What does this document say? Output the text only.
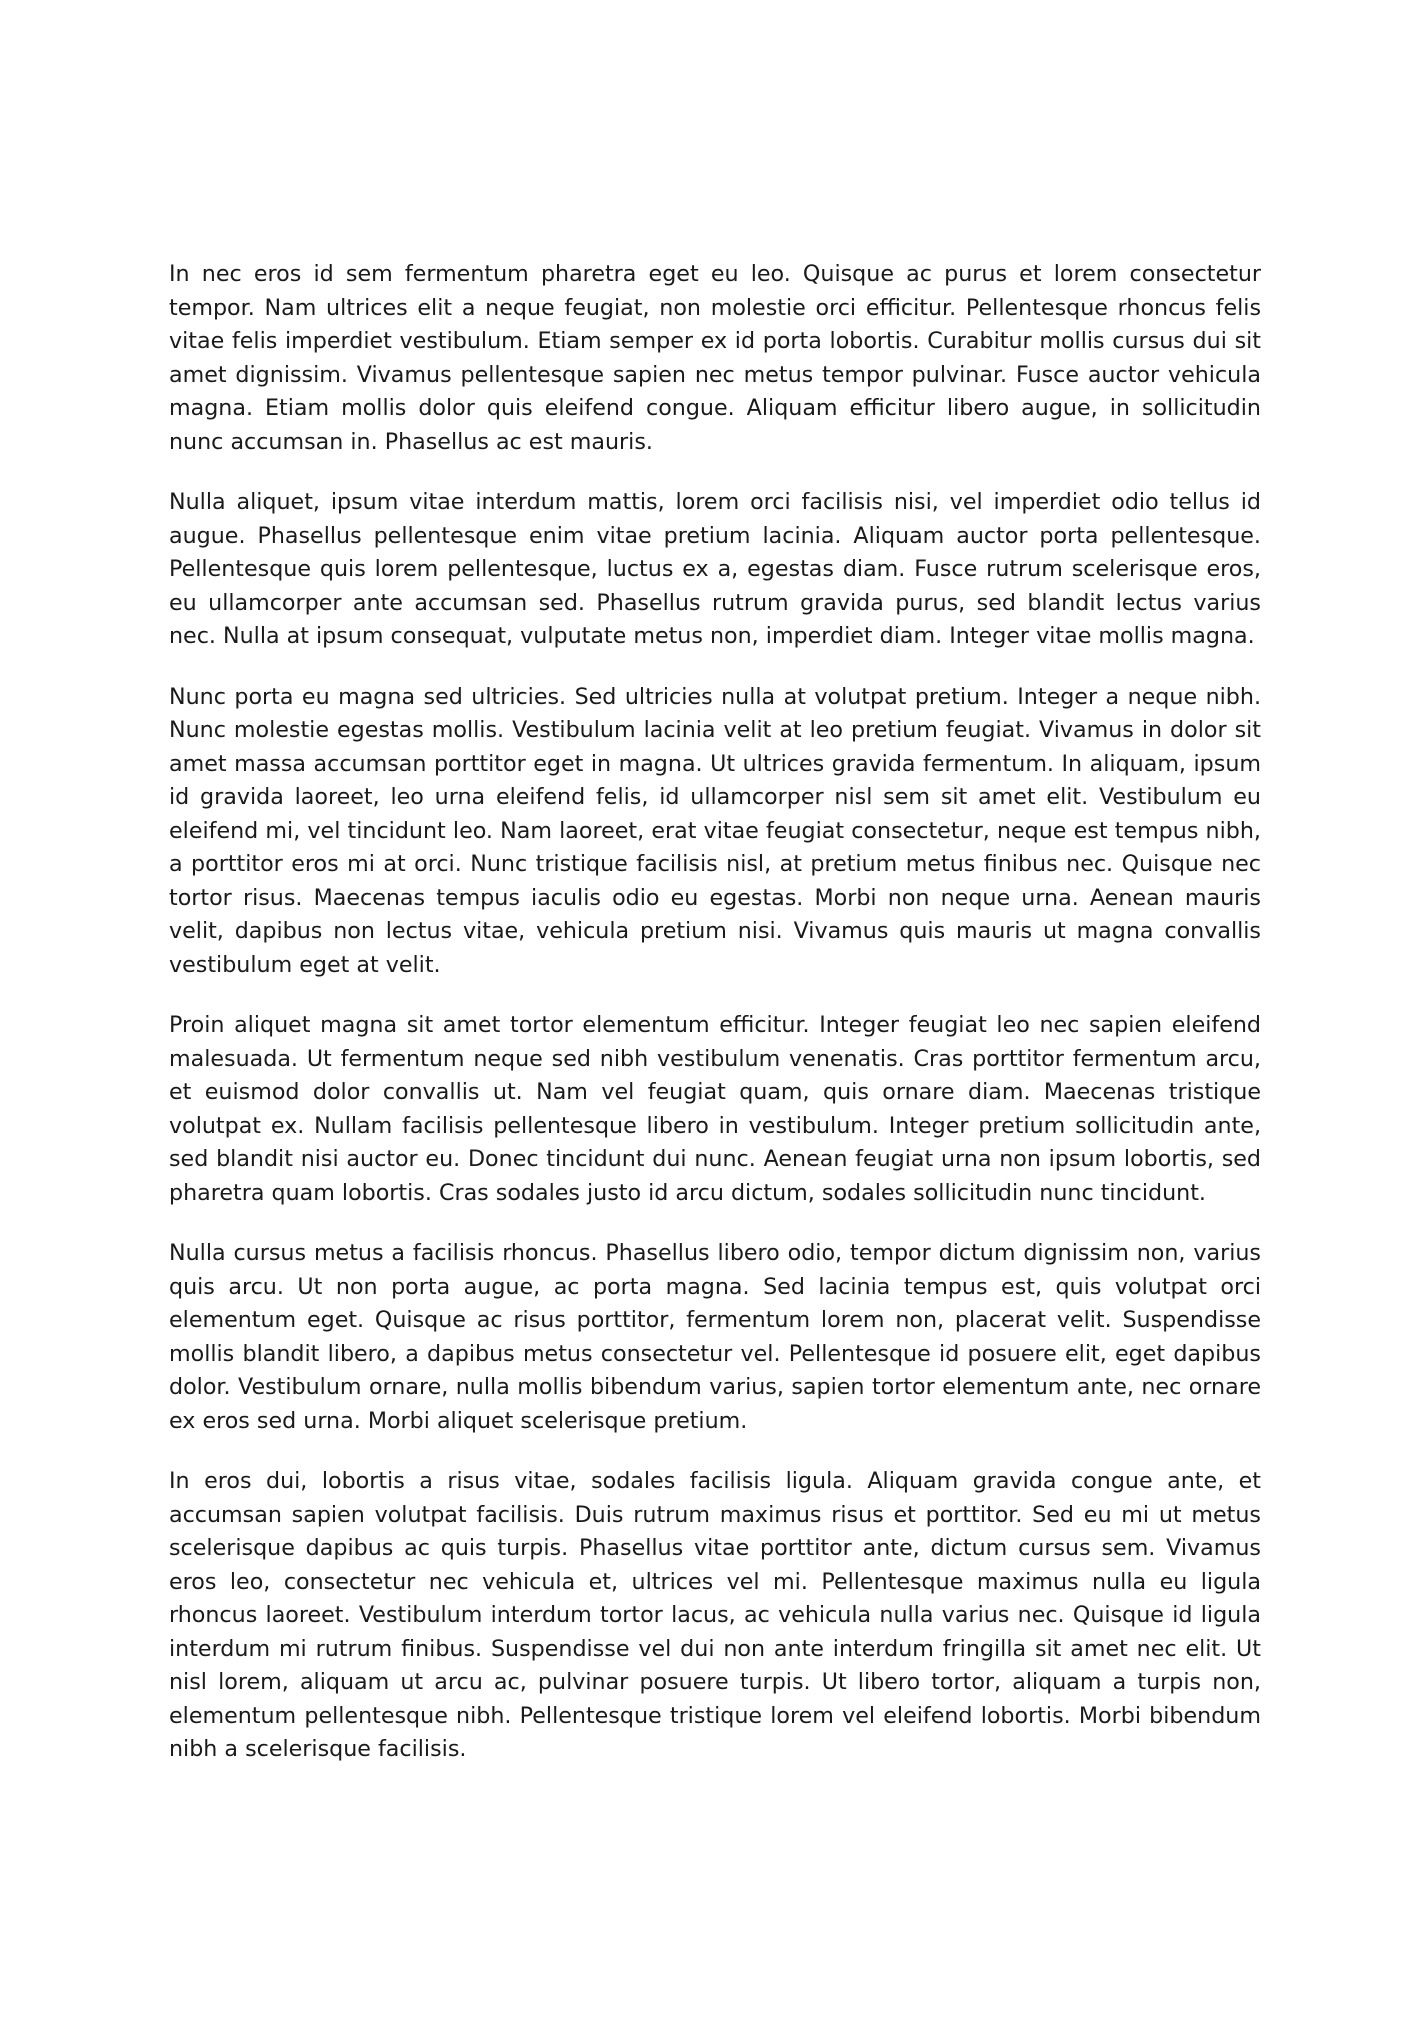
In nec eros id sem fermentum pharetra eget eu leo. Quisque ac purus et lorem consectetur tempor. Nam ultrices elit a neque feugiat, non molestie orci efficitur. Pellentesque rhoncus felis vitae felis imperdiet vestibulum. Etiam semper ex id porta lobortis. Curabitur mollis cursus dui sit amet dignissim. Vivamus pellentesque sapien nec metus tempor pulvinar. Fusce auctor vehicula magna. Etiam mollis dolor quis eleifend congue. Aliquam efficitur libero augue, in sollicitudin nunc accumsan in. Phasellus ac est mauris.

Nulla aliquet, ipsum vitae interdum mattis, lorem orci facilisis nisi, vel imperdiet odio tellus id augue. Phasellus pellentesque enim vitae pretium lacinia. Aliquam auctor porta pellentesque. Pellentesque quis lorem pellentesque, luctus ex a, egestas diam. Fusce rutrum scelerisque eros, eu ullamcorper ante accumsan sed. Phasellus rutrum gravida purus, sed blandit lectus varius nec. Nulla at ipsum consequat, vulputate metus non, imperdiet diam. Integer vitae mollis magna.

Nunc porta eu magna sed ultricies. Sed ultricies nulla at volutpat pretium. Integer a neque nibh. Nunc molestie egestas mollis. Vestibulum lacinia velit at leo pretium feugiat. Vivamus in dolor sit amet massa accumsan porttitor eget in magna. Ut ultrices gravida fermentum. In aliquam, ipsum id gravida laoreet, leo urna eleifend felis, id ullamcorper nisl sem sit amet elit. Vestibulum eu eleifend mi, vel tincidunt leo. Nam laoreet, erat vitae feugiat consectetur, neque est tempus nibh, a porttitor eros mi at orci. Nunc tristique facilisis nisl, at pretium metus finibus nec. Quisque nec tortor risus. Maecenas tempus iaculis odio eu egestas. Morbi non neque urna. Aenean mauris velit, dapibus non lectus vitae, vehicula pretium nisi. Vivamus quis mauris ut magna convallis vestibulum eget at velit.

Proin aliquet magna sit amet tortor elementum efficitur. Integer feugiat leo nec sapien eleifend malesuada. Ut fermentum neque sed nibh vestibulum venenatis. Cras porttitor fermentum arcu, et euismod dolor convallis ut. Nam vel feugiat quam, quis ornare diam. Maecenas tristique volutpat ex. Nullam facilisis pellentesque libero in vestibulum. Integer pretium sollicitudin ante, sed blandit nisi auctor eu. Donec tincidunt dui nunc. Aenean feugiat urna non ipsum lobortis, sed pharetra quam lobortis. Cras sodales justo id arcu dictum, sodales sollicitudin nunc tincidunt.

Nulla cursus metus a facilisis rhoncus. Phasellus libero odio, tempor dictum dignissim non, varius quis arcu. Ut non porta augue, ac porta magna. Sed lacinia tempus est, quis volutpat orci elementum eget. Quisque ac risus porttitor, fermentum lorem non, placerat velit. Suspendisse mollis blandit libero, a dapibus metus consectetur vel. Pellentesque id posuere elit, eget dapibus dolor. Vestibulum ornare, nulla mollis bibendum varius, sapien tortor elementum ante, nec ornare ex eros sed urna. Morbi aliquet scelerisque pretium.

In eros dui, lobortis a risus vitae, sodales facilisis ligula. Aliquam gravida congue ante, et accumsan sapien volutpat facilisis. Duis rutrum maximus risus et porttitor. Sed eu mi ut metus scelerisque dapibus ac quis turpis. Phasellus vitae porttitor ante, dictum cursus sem. Vivamus eros leo, consectetur nec vehicula et, ultrices vel mi. Pellentesque maximus nulla eu ligula rhoncus laoreet. Vestibulum interdum tortor lacus, ac vehicula nulla varius nec. Quisque id ligula interdum mi rutrum finibus. Suspendisse vel dui non ante interdum fringilla sit amet nec elit. Ut nisl lorem, aliquam ut arcu ac, pulvinar posuere turpis. Ut libero tortor, aliquam a turpis non, elementum pellentesque nibh. Pellentesque tristique lorem vel eleifend lobortis. Morbi bibendum nibh a scelerisque facilisis.
